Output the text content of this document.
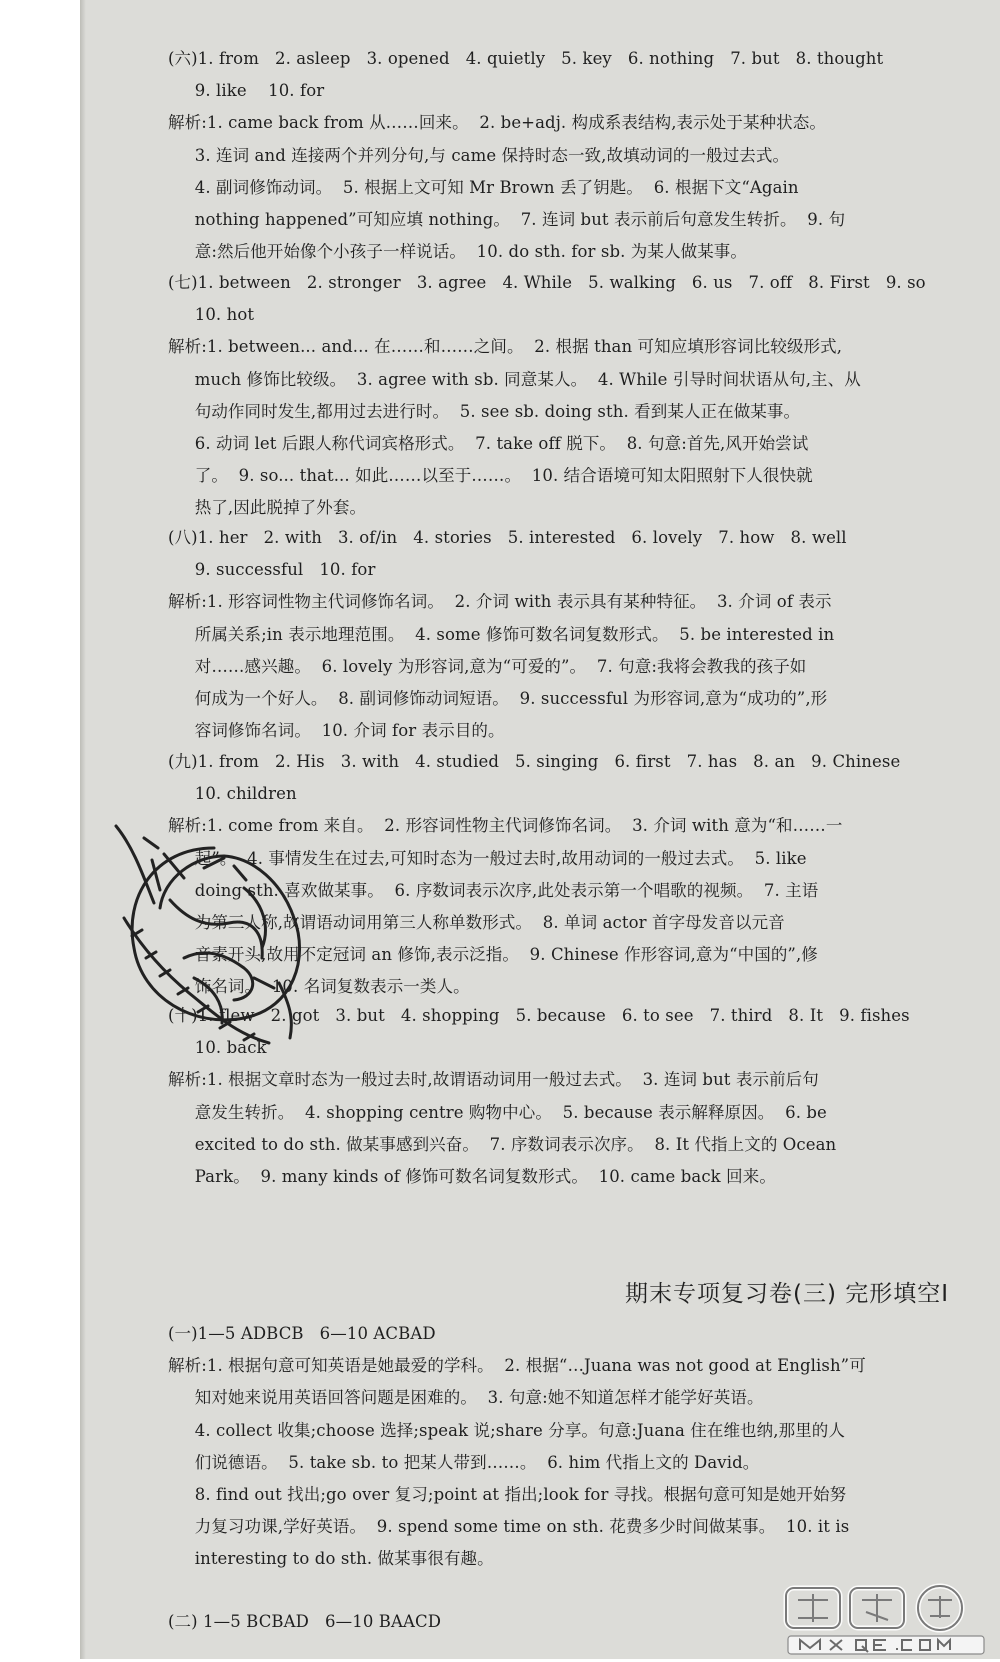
(六)1. from   2. asleep   3. opened   4. quietly   5. key   6. nothing   7. but   8. thought
9. like    10. for
解析:1. came back from 从……回来。  2. be+adj. 构成系表结构,表示处于某种状态。
3. 连词 and 连接两个并列分句,与 came 保持时态一致,故填动词的一般过去式。
4. 副词修饰动词。  5. 根据上文可知 Mr Brown 丢了钥匙。  6. 根据下文“Again
nothing happened”可知应填 nothing。  7. 连词 but 表示前后句意发生转折。  9. 句
意:然后他开始像个小孩子一样说话。  10. do sth. for sb. 为某人做某事。
(七)1. between   2. stronger   3. agree   4. While   5. walking   6. us   7. off   8. First   9. so
10. hot
解析:1. between... and... 在……和……之间。  2. 根据 than 可知应填形容词比较级形式,
much 修饰比较级。  3. agree with sb. 同意某人。  4. While 引导时间状语从句,主、从
句动作同时发生,都用过去进行时。  5. see sb. doing sth. 看到某人正在做某事。
6. 动词 let 后跟人称代词宾格形式。  7. take off 脱下。  8. 句意:首先,风开始尝试
了。  9. so... that... 如此……以至于……。  10. 结合语境可知太阳照射下人很快就
热了,因此脱掉了外套。
(八)1. her   2. with   3. of/in   4. stories   5. interested   6. lovely   7. how   8. well
9. successful   10. for
解析:1. 形容词性物主代词修饰名词。  2. 介词 with 表示具有某种特征。  3. 介词 of 表示
所属关系;in 表示地理范围。  4. some 修饰可数名词复数形式。  5. be interested in
对……感兴趣。  6. lovely 为形容词,意为“可爱的”。  7. 句意:我将会教我的孩子如
何成为一个好人。  8. 副词修饰动词短语。  9. successful 为形容词,意为“成功的”,形
容词修饰名词。  10. 介词 for 表示目的。
(九)1. from   2. His   3. with   4. studied   5. singing   6. first   7. has   8. an   9. Chinese
10. children
解析:1. come from 来自。  2. 形容词性物主代词修饰名词。  3. 介词 with 意为“和……一
起”。  4. 事情发生在过去,可知时态为一般过去时,故用动词的一般过去式。  5. like
doing sth. 喜欢做某事。  6. 序数词表示次序,此处表示第一个唱歌的视频。  7. 主语
为第三人称,故谓语动词用第三人称单数形式。  8. 单词 actor 首字母发音以元音
音素开头,故用不定冠词 an 修饰,表示泛指。  9. Chinese 作形容词,意为“中国的”,修
饰名词。  10. 名词复数表示一类人。
(十)1. flew   2. got   3. but   4. shopping   5. because   6. to see   7. third   8. It   9. fishes
10. back
解析:1. 根据文章时态为一般过去时,故谓语动词用一般过去式。  3. 连词 but 表示前后句
意发生转折。  4. shopping centre 购物中心。  5. because 表示解释原因。  6. be
excited to do sth. 做某事感到兴奋。  7. 序数词表示次序。  8. It 代指上文的 Ocean
Park。  9. many kinds of 修饰可数名词复数形式。  10. came back 回来。
(一)1—5 ADBCB   6—10 ACBAD
解析:1. 根据句意可知英语是她最爱的学科。  2. 根据“…Juana was not good at English”可
知对她来说用英语回答问题是困难的。  3. 句意:她不知道怎样才能学好英语。
4. collect 收集;choose 选择;speak 说;share 分享。句意:Juana 住在维也纳,那里的人
们说德语。  5. take sb. to 把某人带到……。  6. him 代指上文的 David。
8. find out 找出;go over 复习;point at 指出;look for 寻找。根据句意可知是她开始努
力复习功课,学好英语。  9. spend some time on sth. 花费多少时间做某事。  10. it is
interesting to do sth. 做某事很有趣。
(二) 1—5 BCBAD   6—10 BAACD
期末专项复习卷(三) 完形填空Ⅰ
